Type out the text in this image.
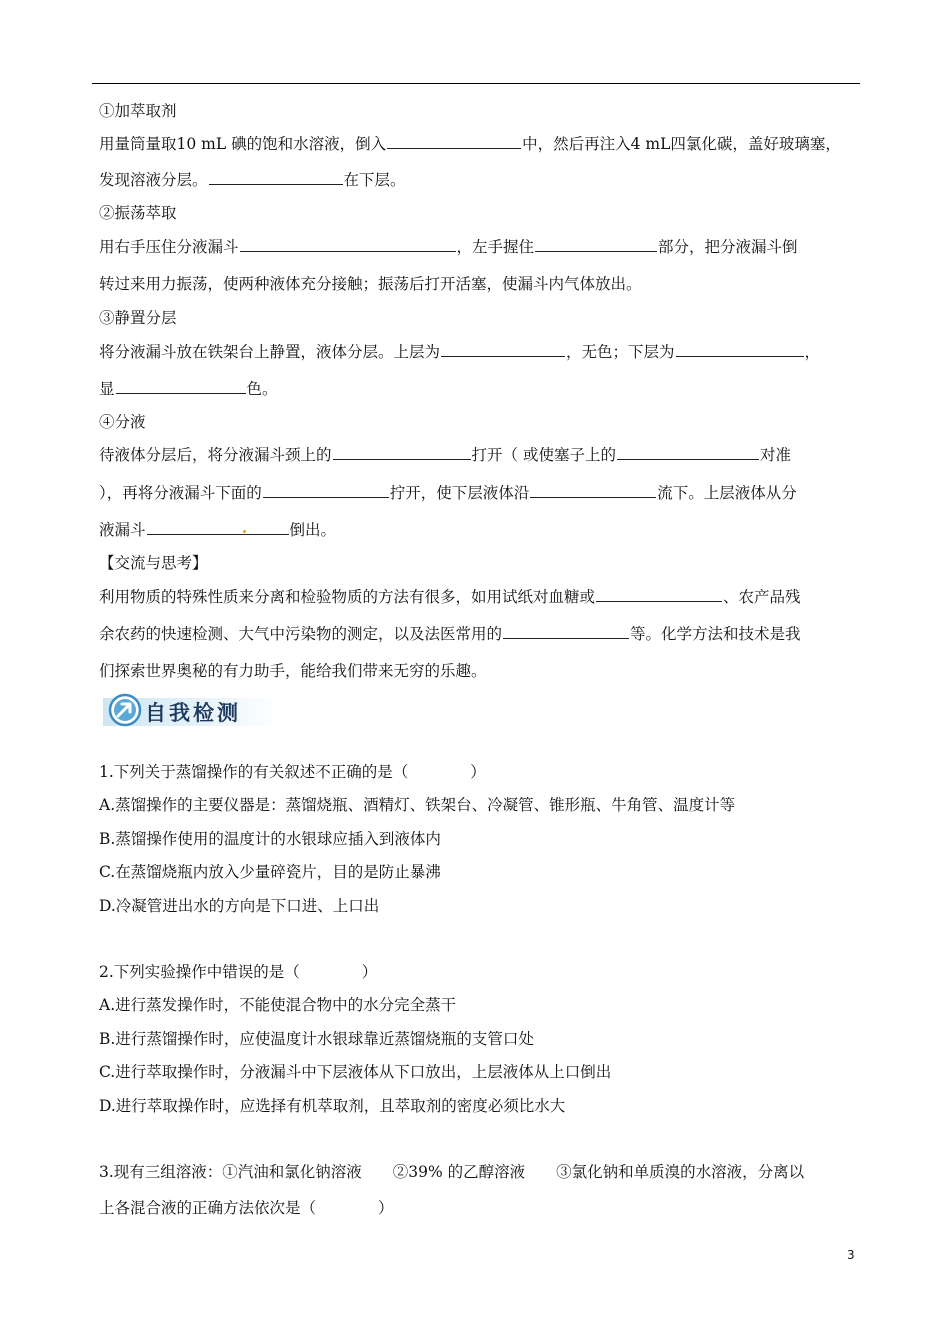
①加萃取剂
用量筒量取10 mL 碘的饱和水溶液，倒入	中，然后再注入4 mL四氯化碳，盖好玻璃塞，
发现溶液分层。	在下层。
②振荡萃取
用右手压住分液漏斗	，左手握住	部分，把分液漏斗倒
转过来用力振荡，使两种液体充分接触；振荡后打开活塞，使漏斗内气体放出。
③静置分层
将分液漏斗放在铁架台上静置，液体分层。上层为	，无色；下层为	，
显	色。
④分液
待液体分层后，将分液漏斗颈上的	打开（ 或使塞子上的	对准
），再将分液漏斗下面的	拧开，使下层液体沿	流下。上层液体从分
液漏斗	倒出。
【交流与思考】
利用物质的特殊性质来分离和检验物质的方法有很多，如用试纸对血糖或	、农产品残
余农药的快速检测、大气中污染物的测定，以及法医常用的	等。化学方法和技术是我
们探索世界奥秘的有力助手，能给我们带来无穷的乐趣。
自我检测
1.下列关于蒸馏操作的有关叙述不正确的是（　　　　）
A.蒸馏操作的主要仪器是：蒸馏烧瓶、酒精灯、铁架台、冷凝管、锥形瓶、牛角管、温度计等
B.蒸馏操作使用的温度计的水银球应插入到液体内
C.在蒸馏烧瓶内放入少量碎瓷片，目的是防止暴沸
D.冷凝管进出水的方向是下口进、上口出
2.下列实验操作中错误的是（　　　　）
A.进行蒸发操作时，不能使混合物中的水分完全蒸干
B.进行蒸馏操作时，应使温度计水银球靠近蒸馏烧瓶的支管口处
C.进行萃取操作时，分液漏斗中下层液体从下口放出，上层液体从上口倒出
D.进行萃取操作时，应选择有机萃取剂，且萃取剂的密度必须比水大
3.现有三组溶液：①汽油和氯化钠溶液　　②39% 的乙醇溶液　　③氯化钠和单质溴的水溶液，分离以
上各混合液的正确方法依次是（　　　　）
3
